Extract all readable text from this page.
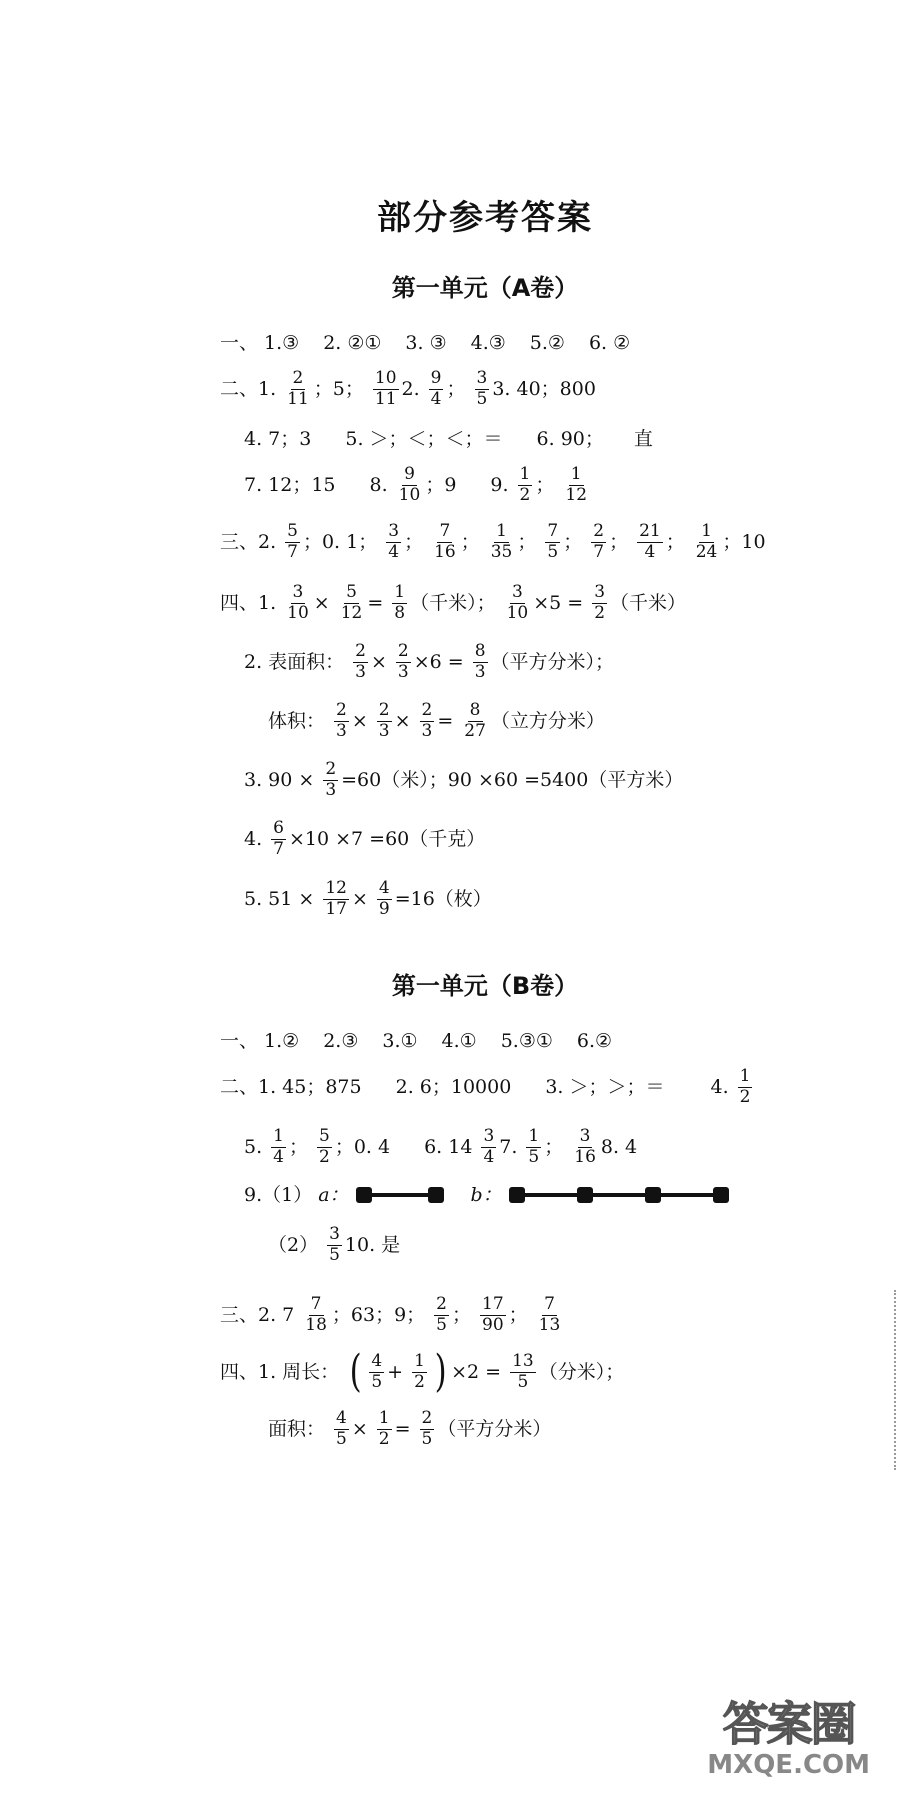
部分参考答案
第一单元（A卷）
一、 1.③ 2. ②① 3. ③ 4.③ 5.② 6. ②
二、1. 2
11 ；5； 10
11 2. 9
4 ； 3
5 3. 40；800
4. 7；3 5. ＞；＜；＜；＝ 6. 90； 直
7. 12；15 8. 9
10 ；9 9. 1
2 ； 1
12
三、2. 5
7 ；0. 1； 3
4 ； 7
16 ； 1
35 ； 7
5 ； 2
7 ； 21
4 ； 1
24 ；10
四、1. $\frac{3}{10} \times \frac{5}{12} = \frac{1}{8}$ （千米）； $\frac{3}{10} \times 5 = \frac{3}{2}$ （千米）
2. 表面积： $\frac{2}{3} \times \frac{2}{3} \times 6 = \frac{8}{3}$ （平方分米）；
体积： $\frac{2}{3} \times \frac{2}{3} \times \frac{2}{3} = \frac{8}{27}$ （立方分米）
3. $90 \times \frac{2}{3} =60$（米）；90 ×60 =5400（平方米）
4. $\frac{6}{7} \times 10 \times 7 =60$（千克）
5. $51 \times \frac{12}{17} \times \frac{4}{9} =16$（枚）
第一单元（B卷）
一、 1.② 2.③ 3.① 4.① 5.③① 6.②
二、1. 45；875 2. 6；10000 3. ＞；＞；＝ 4. 1
2
5. 1
4 ； 5
2 ；0. 4 6. 14 3
4 7. 1
5 ； 3
16 8. 4
9.（1） a：	b：
（2） 3
5 10. 是
三、2. 7 7
18 ；63；9； 2
5 ； 17
90 ； 7
13
四、1. 周长： ( 4
$5 + \frac{1}{2}$ ) $\times 2 = \frac{13}{5}$ （分米）；
面积： $\frac{4}{5} \times \frac{1}{2} = \frac{2}{5}$ （平方分米）
答案圈
MXQE.COM
